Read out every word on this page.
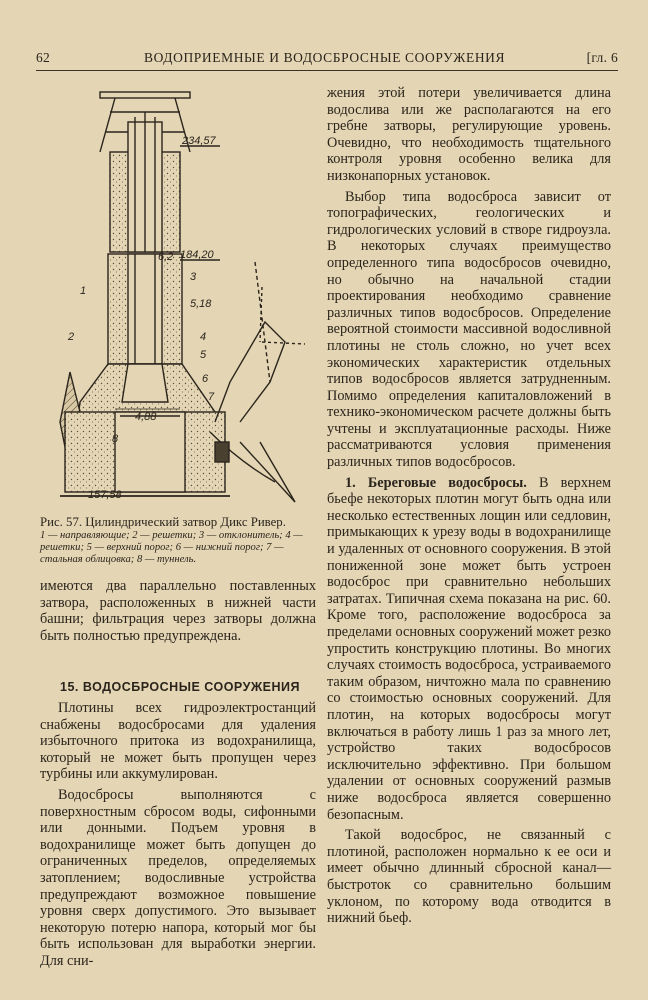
62	ВОДОПРИЕМНЫЕ И ВОДОСБРОСНЫЕ СООРУЖЕНИЯ	[гл. 6
234,57
184,20
6,2
5,18
4,88
157,58
1
2
3
4
5
6
7
8
Рис. 57. Цилиндрический затвор Дикс Ривер.
1 — направляющие; 2 — решетки; 3 — отклонитель; 4 — решетки; 5 — верхний порог; 6 — нижний порог; 7 — стальная облицовка; 8 — туннель.

имеются два параллельно поставленных затвора, расположенных в нижней части башни; фильтрация через затворы должна быть полностью предупреждена.

15. ВОДОСБРОСНЫЕ СООРУЖЕНИЯ

Плотины всех гидроэлектростанций снабжены водосбросами для удаления избыточного притока из водохранилища, который не может быть пропущен через турбины или аккумулирован.

Водосбросы выполняются с поверхностным сбросом воды, сифонными или донными. Подъем уровня в водохранилище может быть допущен до ограниченных пределов, определяемых затоплением; водосливные устройства предупреждают возможное повышение уровня сверх допустимого. Это вызывает некоторую потерю напора, который мог бы быть использован для выработки энергии. Для сни-

жения этой потери увеличивается длина водослива или же располагаются на его гребне затворы, регулирующие уровень. Очевидно, что необходимость тщательного контроля уровня особенно велика для низконапорных установок.

Выбор типа водосброса зависит от топографических, геологических и гидрологических условий в створе гидроузла. В некоторых случаях преимущество определенного типа водосбросов очевидно, но обычно на начальной стадии проектирования необходимо сравнение различных типов водосбросов. Определение вероятной стоимости массивной водосливной плотины не столь сложно, но учет всех экономических характеристик отдельных типов водосбросов является затрудненным. Помимо определения капиталовложений в технико-экономическом расчете должны быть учтены и эксплуатационные расходы. Ниже рассматриваются условия применения различных типов водосбросов.

1. Береговые водосбросы. В верхнем бьефе некоторых плотин могут быть одна или несколько естественных лощин или седловин, примыкающих к урезу воды в водохранилище и удаленных от основного сооружения. В этой пониженной зоне может быть устроен водосброс при сравнительно небольших затратах. Типичная схема показана на рис. 60. Кроме того, расположение водосброса за пределами основных сооружений может резко упростить конструкцию плотины. Во многих случаях стоимость водосброса, устраиваемого таким образом, ничтожно мала по сравнению со стоимостью основных сооружений. Для плотин, на которых водосбросы могут включаться в работу лишь 1 раз за много лет, устройство таких водосбросов исключительно эффективно. При большом удалении от основных сооружений размыв ниже водосброса является совершенно безопасным.

Такой водосброс, не связанный с плотиной, расположен нормально к ее оси и имеет обычно длинный сбросной канал—быстроток со сравнительно большим уклоном, по которому вода отводится в нижний бьеф.
